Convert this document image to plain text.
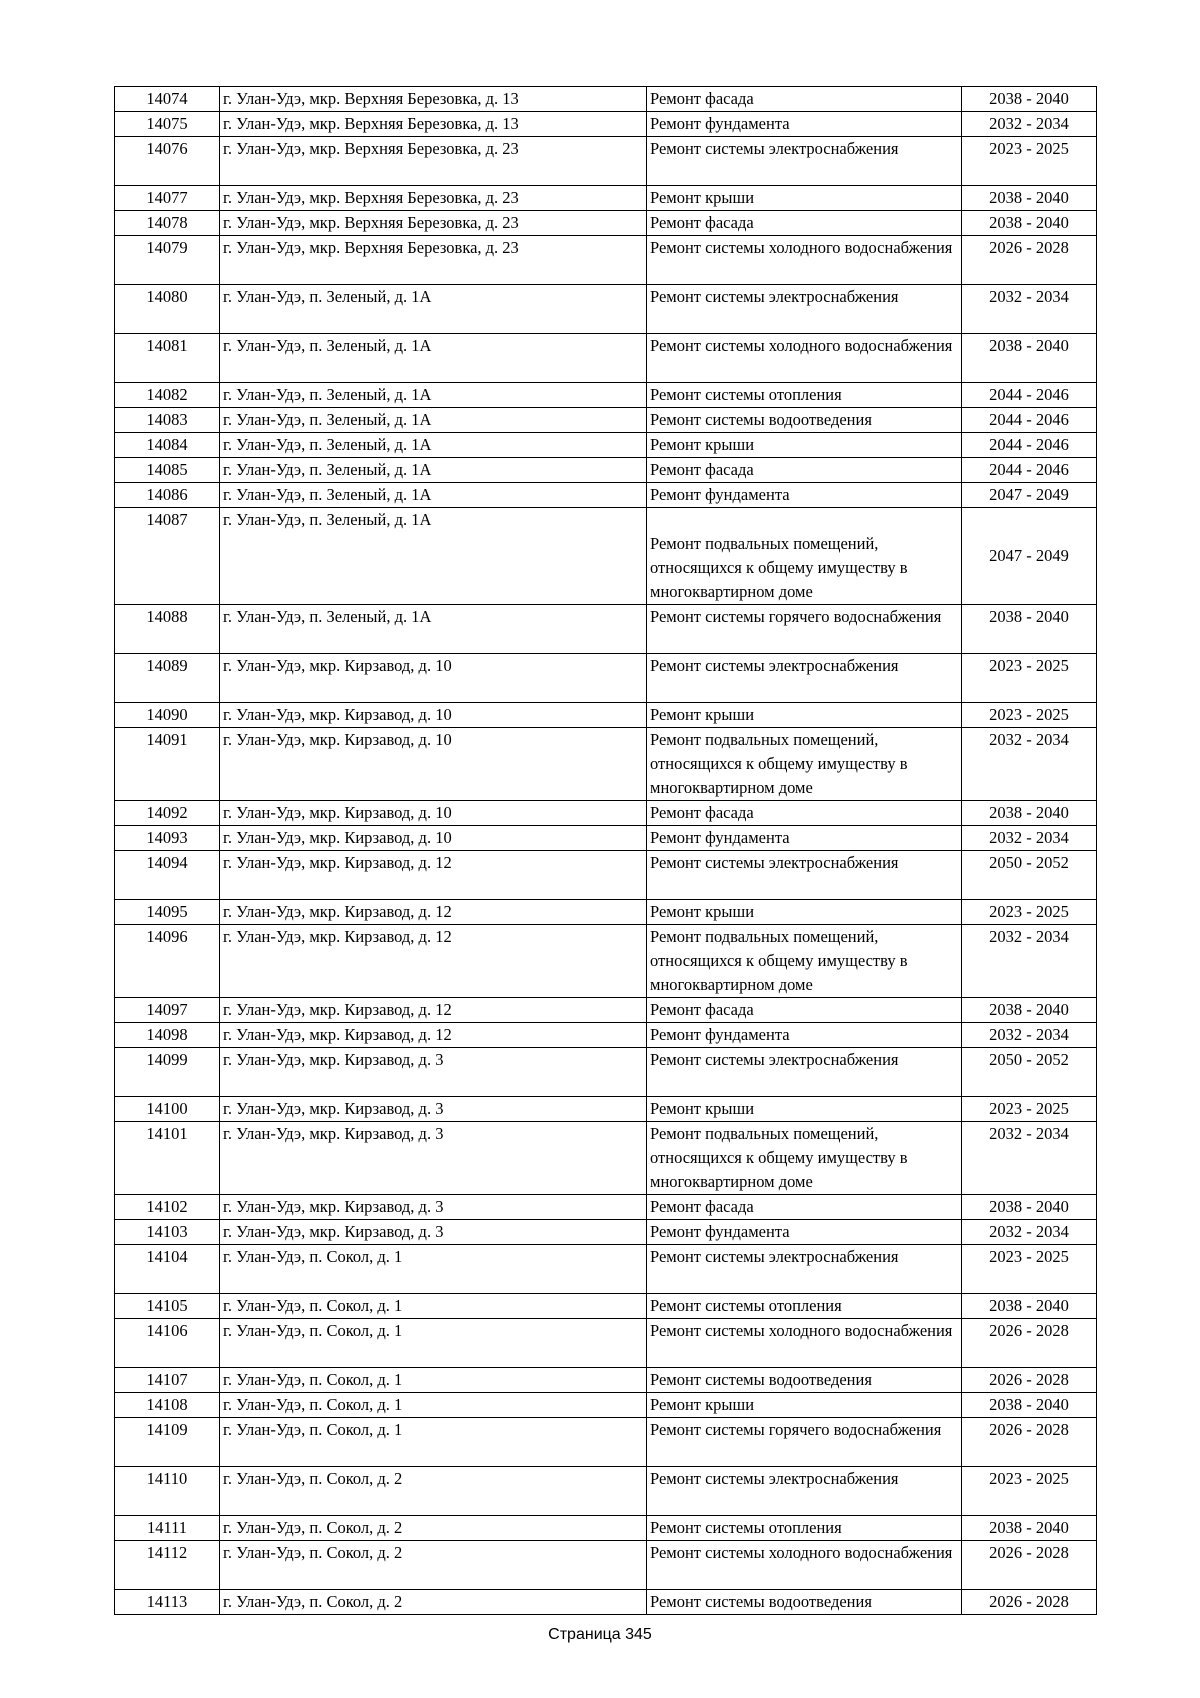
14074	г. Улан-Удэ, мкр. Верхняя Березовка, д. 13	Ремонт фасада	2038 - 2040
14075	г. Улан-Удэ, мкр. Верхняя Березовка, д. 13	Ремонт фундамента	2032 - 2034
14076	г. Улан-Удэ, мкр. Верхняя Березовка, д. 23	Ремонт системы электроснабжения	2023 - 2025
14077	г. Улан-Удэ, мкр. Верхняя Березовка, д. 23	Ремонт крыши	2038 - 2040
14078	г. Улан-Удэ, мкр. Верхняя Березовка, д. 23	Ремонт фасада	2038 - 2040
14079	г. Улан-Удэ, мкр. Верхняя Березовка, д. 23	Ремонт системы холодного водоснабжения	2026 - 2028
14080	г. Улан-Удэ, п. Зеленый, д. 1А	Ремонт системы электроснабжения	2032 - 2034
14081	г. Улан-Удэ, п. Зеленый, д. 1А	Ремонт системы холодного водоснабжения	2038 - 2040
14082	г. Улан-Удэ, п. Зеленый, д. 1А	Ремонт системы отопления	2044 - 2046
14083	г. Улан-Удэ, п. Зеленый, д. 1А	Ремонт системы водоотведения	2044 - 2046
14084	г. Улан-Удэ, п. Зеленый, д. 1А	Ремонт крыши	2044 - 2046
14085	г. Улан-Удэ, п. Зеленый, д. 1А	Ремонт фасада	2044 - 2046
14086	г. Улан-Удэ, п. Зеленый, д. 1А	Ремонт фундамента	2047 - 2049
14087	г. Улан-Удэ, п. Зеленый, д. 1А	Ремонт подвальных помещений, относящихся к общему имуществу в многоквартирном доме	2047 - 2049
14088	г. Улан-Удэ, п. Зеленый, д. 1А	Ремонт системы горячего водоснабжения	2038 - 2040
14089	г. Улан-Удэ, мкр. Кирзавод, д. 10	Ремонт системы электроснабжения	2023 - 2025
14090	г. Улан-Удэ, мкр. Кирзавод, д. 10	Ремонт крыши	2023 - 2025
14091	г. Улан-Удэ, мкр. Кирзавод, д. 10	Ремонт подвальных помещений, относящихся к общему имуществу в многоквартирном доме	2032 - 2034
14092	г. Улан-Удэ, мкр. Кирзавод, д. 10	Ремонт фасада	2038 - 2040
14093	г. Улан-Удэ, мкр. Кирзавод, д. 10	Ремонт фундамента	2032 - 2034
14094	г. Улан-Удэ, мкр. Кирзавод, д. 12	Ремонт системы электроснабжения	2050 - 2052
14095	г. Улан-Удэ, мкр. Кирзавод, д. 12	Ремонт крыши	2023 - 2025
14096	г. Улан-Удэ, мкр. Кирзавод, д. 12	Ремонт подвальных помещений, относящихся к общему имуществу в многоквартирном доме	2032 - 2034
14097	г. Улан-Удэ, мкр. Кирзавод, д. 12	Ремонт фасада	2038 - 2040
14098	г. Улан-Удэ, мкр. Кирзавод, д. 12	Ремонт фундамента	2032 - 2034
14099	г. Улан-Удэ, мкр. Кирзавод, д. 3	Ремонт системы электроснабжения	2050 - 2052
14100	г. Улан-Удэ, мкр. Кирзавод, д. 3	Ремонт крыши	2023 - 2025
14101	г. Улан-Удэ, мкр. Кирзавод, д. 3	Ремонт подвальных помещений, относящихся к общему имуществу в многоквартирном доме	2032 - 2034
14102	г. Улан-Удэ, мкр. Кирзавод, д. 3	Ремонт фасада	2038 - 2040
14103	г. Улан-Удэ, мкр. Кирзавод, д. 3	Ремонт фундамента	2032 - 2034
14104	г. Улан-Удэ, п. Сокол, д. 1	Ремонт системы электроснабжения	2023 - 2025
14105	г. Улан-Удэ, п. Сокол, д. 1	Ремонт системы отопления	2038 - 2040
14106	г. Улан-Удэ, п. Сокол, д. 1	Ремонт системы холодного водоснабжения	2026 - 2028
14107	г. Улан-Удэ, п. Сокол, д. 1	Ремонт системы водоотведения	2026 - 2028
14108	г. Улан-Удэ, п. Сокол, д. 1	Ремонт крыши	2038 - 2040
14109	г. Улан-Удэ, п. Сокол, д. 1	Ремонт системы горячего водоснабжения	2026 - 2028
14110	г. Улан-Удэ, п. Сокол, д. 2	Ремонт системы электроснабжения	2023 - 2025
14111	г. Улан-Удэ, п. Сокол, д. 2	Ремонт системы отопления	2038 - 2040
14112	г. Улан-Удэ, п. Сокол, д. 2	Ремонт системы холодного водоснабжения	2026 - 2028
14113	г. Улан-Удэ, п. Сокол, д. 2	Ремонт системы водоотведения	2026 - 2028
Страница 345
